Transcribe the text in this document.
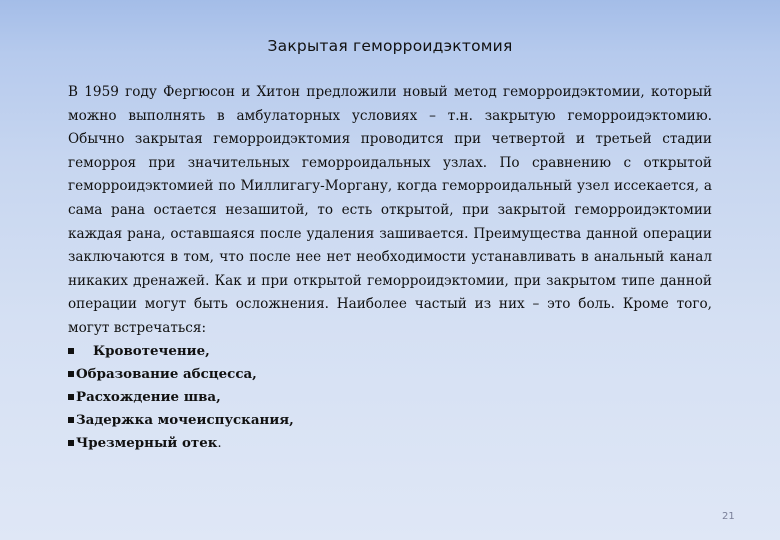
Закрытая геморроидэктомия

В 1959 году Фергюсон и Хитон предложили новый метод геморроидэктомии, который можно выполнять в амбулаторных условиях – т.н. закрытую геморроидэктомию. Обычно закрытая геморроидэктомия проводится при четвертой и третьей стадии геморроя при значительных геморроидальных узлах. По сравнению с открытой геморроидэктомией по Миллигагу-Моргану, когда геморроидальный узел иссекается, а сама рана остается незашитой, то есть открытой, при закрытой геморроидэктомии каждая рана, оставшаяся после удаления зашивается. Преимущества данной операции заключаются в том, что после нее нет необходимости устанавливать в анальный канал никаких дренажей. Как и при открытой геморроидэктомии, при закрытом типе данной операции могут быть осложнения. Наиболее частый из них – это боль. Кроме того, могут встречаться:

Кровотечение,
Образование абсцесса,
Расхождение шва,
Задержка мочеиспускания,
Чрезмерный отек .
21
